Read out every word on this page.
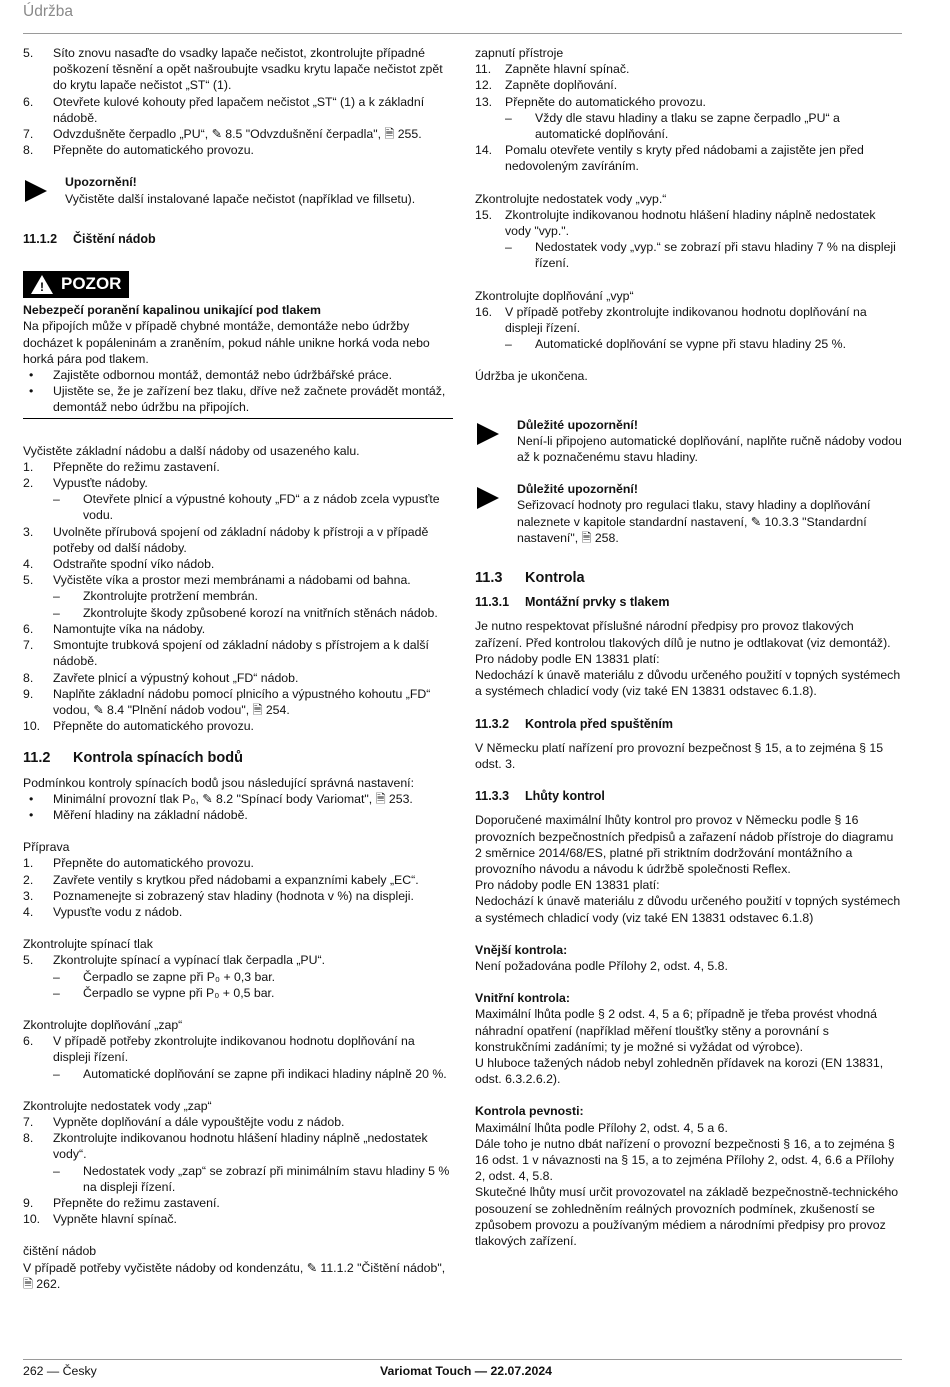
Údržba
5.	Síto znovu nasaďte do vsadky lapače nečistot, zkontrolujte případné poškození těsnění a opět našroubujte vsadku krytu lapače nečistot zpět do krytu lapače nečistot „ST“ (1).
6.	Otevřete kulové kohouty před lapačem nečistot „ST“ (1) a k základní nádobě.
7.	Odvzdušněte čerpadlo „PU“, ✎ 8.5 "Odvzdušnění čerpadla", 🗎 255.
8.	Přepněte do automatického provozu.
Upozornění!
Vyčistěte další instalované lapače nečistot (například ve fillsetu).
11.1.2 Čištění nádob
! POZOR
Nebezpečí poranění kapalinou unikající pod tlakem
Na připojích může v případě chybné montáže, demontáže nebo údržby docházet k popáleninám a zraněním, pokud náhle unikne horká voda nebo horká pára pod tlakem.
•	Zajistěte odbornou montáž, demontáž nebo údržbářské práce.
•	Ujistěte se, že je zařízení bez tlaku, dříve než začnete provádět montáž, demontáž nebo údržbu na připojích.
Vyčistěte základní nádobu a další nádoby od usazeného kalu.
1.	Přepněte do režimu zastavení.
2.	Vypusťte nádoby.
–	Otevřete plnicí a výpustné kohouty „FD“ a z nádob zcela vypusťte vodu.
3.	Uvolněte přírubová spojení od základní nádoby k přístroji a v případě potřeby od další nádoby.
4.	Odstraňte spodní víko nádob.
5.	Vyčistěte víka a prostor mezi membránami a nádobami od bahna.
–	Zkontrolujte protržení membrán.
–	Zkontrolujte škody způsobené korozí na vnitřních stěnách nádob.
6.	Namontujte víka na nádoby.
7.	Smontujte trubková spojení od základní nádoby s přístrojem a k další nádobě.
8.	Zavřete plnicí a výpustný kohout „FD“ nádob.
9.	Naplňte základní nádobu pomocí plnicího a výpustného kohoutu „FD“ vodou, ✎ 8.4 "Plnění nádob vodou", 🗎 254.
10.	Přepněte do automatického provozu.
11.2 Kontrola spínacích bodů
Podmínkou kontroly spínacích bodů jsou následující správná nastavení:
•	Minimální provozní tlak P₀, ✎ 8.2 "Spínací body Variomat", 🗎 253.
•	Měření hladiny na základní nádobě.
Příprava
1.	Přepněte do automatického provozu.
2.	Zavřete ventily s krytkou před nádobami a expanzními kabely „EC“.
3.	Poznamenejte si zobrazený stav hladiny (hodnota v %) na displeji.
4.	Vypusťte vodu z nádob.
Zkontrolujte spínací tlak
5.	Zkontrolujte spínací a vypínací tlak čerpadla „PU“.
–	Čerpadlo se zapne při P₀ + 0,3 bar.
–	Čerpadlo se vypne při P₀ + 0,5 bar.
Zkontrolujte doplňování „zap“
6.	V případě potřeby zkontrolujte indikovanou hodnotu doplňování na displeji řízení.
–	Automatické doplňování se zapne při indikaci hladiny náplně 20 %.
Zkontrolujte nedostatek vody „zap“
7.	Vypněte doplňování a dále vypouštějte vodu z nádob.
8.	Zkontrolujte indikovanou hodnotu hlášení hladiny náplně „nedostatek vody“.
–	Nedostatek vody „zap“ se zobrazí při minimálním stavu hladiny 5 % na displeji řízení.
9.	Přepněte do režimu zastavení.
10.	Vypněte hlavní spínač.
čištění nádob
V případě potřeby vyčistěte nádoby od kondenzátu, ✎ 11.1.2 "Čištění nádob", 🗎 262.
zapnutí přístroje
11.	Zapněte hlavní spínač.
12.	Zapněte doplňování.
13.	Přepněte do automatického provozu.
–	Vždy dle stavu hladiny a tlaku se zapne čerpadlo „PU“ a automatické doplňování.
14.	Pomalu otevřete ventily s kryty před nádobami a zajistěte jen před nedovoleným zavíráním.
Zkontrolujte nedostatek vody „vyp.“
15.	Zkontrolujte indikovanou hodnotu hlášení hladiny náplně nedostatek vody "vyp.".
–	Nedostatek vody „vyp.“ se zobrazí při stavu hladiny 7 % na displeji řízení.
Zkontrolujte doplňování „vyp“
16.	V případě potřeby zkontrolujte indikovanou hodnotu doplňování na displeji řízení.
–	Automatické doplňování se vypne při stavu hladiny 25 %.
Údržba je ukončena.
Důležité upozornění!
Není-li připojeno automatické doplňování, naplňte ručně nádoby vodou až k poznačenému stavu hladiny.
Důležité upozornění!
Seřizovací hodnoty pro regulaci tlaku, stavy hladiny a doplňování naleznete v kapitole standardní nastavení, ✎ 10.3.3 "Standardní nastavení", 🗎 258.
11.3 Kontrola
11.3.1 Montážní prvky s tlakem
Je nutno respektovat příslušné národní předpisy pro provoz tlakových zařízení. Před kontrolou tlakových dílů je nutno je odtlakovat (viz demontáž).
Pro nádoby podle EN 13831 platí:
Nedochází k únavě materiálu z důvodu určeného použití v topných systémech a systémech chladicí vody (viz také EN 13831 odstavec 6.1.8).
11.3.2 Kontrola před spuštěním
V Německu platí nařízení pro provozní bezpečnost § 15, a to zejména § 15 odst. 3.
11.3.3 Lhůty kontrol
Doporučené maximální lhůty kontrol pro provoz v Německu podle § 16 provozních bezpečnostních předpisů a zařazení nádob přístroje do diagramu 2 směrnice 2014/68/ES, platné při striktním dodržování montážního a provozního návodu a návodu k údržbě společnosti Reflex.
Pro nádoby podle EN 13831 platí:
Nedochází k únavě materiálu z důvodu určeného použití v topných systémech a systémech chladicí vody (viz také EN 13831 odstavec 6.1.8)
Vnější kontrola:
Není požadována podle Přílohy 2, odst. 4, 5.8.
Vnitřní kontrola:
Maximální lhůta podle § 2 odst. 4, 5 a 6; případně je třeba provést vhodná náhradní opatření (například měření tloušťky stěny a porovnání s konstrukčními zadáními; ty je možné si vyžádat od výrobce).
U hluboce tažených nádob nebyl zohledněn přídavek na korozi (EN 13831, odst. 6.3.2.6.2).
Kontrola pevnosti:
Maximální lhůta podle Přílohy 2, odst. 4, 5 a 6.
Dále toho je nutno dbát nařízení o provozní bezpečnosti § 16, a to zejména § 16 odst. 1 v návaznosti na § 15, a to zejména Přílohy 2, odst. 4, 6.6 a Přílohy 2, odst. 4, 5.8.
Skutečné lhůty musí určit provozovatel na základě bezpečnostně-technického posouzení se zohledněním reálných provozních podmínek, zkušeností se způsobem provozu a používaným médiem a národními předpisy pro provoz tlakových zařízení.
262 — Česky	Variomat Touch — 22.07.2024
